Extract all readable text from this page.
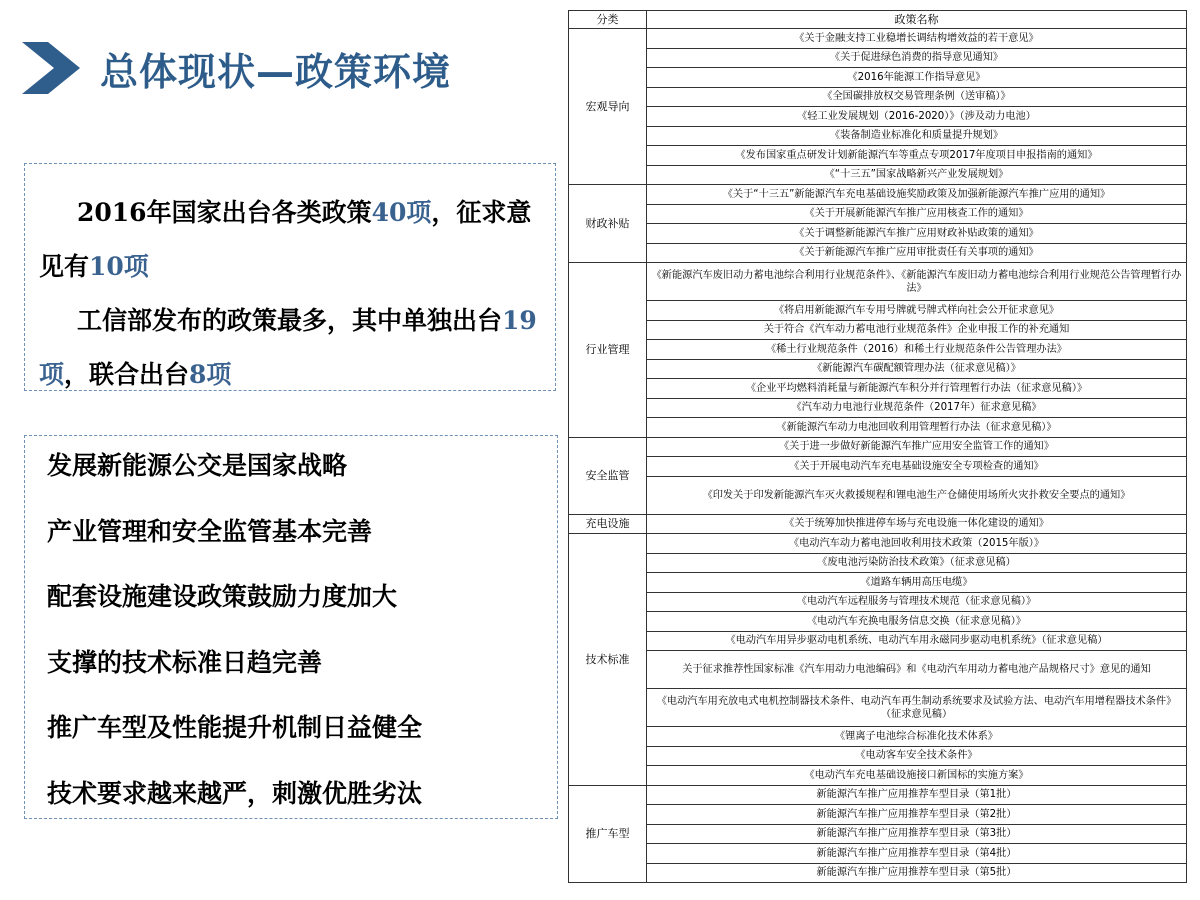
总体现状—政策环境

2016年国家出台各类政策40项，征求意见有10项

工信部发布的政策最多，其中单独出台19项，联合出台8项

发展新能源公交是国家战略
产业管理和安全监管基本完善
配套设施建设政策鼓励力度加大
支撑的技术标准日趋完善
推广车型及性能提升机制日益健全
技术要求越来越严，刺激优胜劣汰
分类	政策名称
宏观导向	《关于金融支持工业稳增长调结构增效益的若干意见》
	《关于促进绿色消费的指导意见通知》
	《2016年能源工作指导意见》
	《全国碳排放权交易管理条例（送审稿）》
	《轻工业发展规划（2016-2020）》（涉及动力电池）
	《装备制造业标准化和质量提升规划》
	《发布国家重点研发计划新能源汽车等重点专项2017年度项目申报指南的通知》
	《“十三五”国家战略新兴产业发展规划》
财政补贴	《关于“十三五”新能源汽车充电基础设施奖励政策及加强新能源汽车推广应用的通知》
	《关于开展新能源汽车推广应用核查工作的通知》
	《关于调整新能源汽车推广应用财政补贴政策的通知》
	《关于新能源汽车推广应用审批责任有关事项的通知》
行业管理	《新能源汽车废旧动力蓄电池综合利用行业规范条件》、《新能源汽车废旧动力蓄电池综合利用行业规范公告管理暂行办法》
	《将启用新能源汽车专用号牌就号牌式样向社会公开征求意见》
	关于符合《汽车动力蓄电池行业规范条件》企业申报工作的补充通知
	《稀土行业规范条件（2016）和稀土行业规范条件公告管理办法》
	《新能源汽车碳配额管理办法（征求意见稿）》
	《企业平均燃料消耗量与新能源汽车积分并行管理暂行办法（征求意见稿）》
	《汽车动力电池行业规范条件（2017年）征求意见稿》
	《新能源汽车动力电池回收利用管理暂行办法（征求意见稿）》
安全监管	《关于进一步做好新能源汽车推广应用安全监管工作的通知》
	《关于开展电动汽车充电基础设施安全专项检查的通知》
	《印发关于印发新能源汽车灭火救援规程和锂电池生产仓储使用场所火灾扑救安全要点的通知》
充电设施	《关于统筹加快推进停车场与充电设施一体化建设的通知》
技术标准	《电动汽车动力蓄电池回收利用技术政策（2015年版）》
	《废电池污染防治技术政策》（征求意见稿）
	《道路车辆用高压电缆》
	《电动汽车远程服务与管理技术规范（征求意见稿）》
	《电动汽车充换电服务信息交换（征求意见稿）》
	《电动汽车用异步驱动电机系统、电动汽车用永磁同步驱动电机系统》（征求意见稿）
	关于征求推荐性国家标准《汽车用动力电池编码》和《电动汽车用动力蓄电池产品规格尺寸》意见的通知
	《电动汽车用充放电式电机控制器技术条件、电动汽车再生制动系统要求及试验方法、电动汽车用增程器技术条件》（征求意见稿）
	《锂离子电池综合标准化技术体系》
	《电动客车安全技术条件》
	《电动汽车充电基础设施接口新国标的实施方案》
推广车型	新能源汽车推广应用推荐车型目录（第1批）
	新能源汽车推广应用推荐车型目录（第2批）
	新能源汽车推广应用推荐车型目录（第3批）
	新能源汽车推广应用推荐车型目录（第4批）
	新能源汽车推广应用推荐车型目录（第5批）
